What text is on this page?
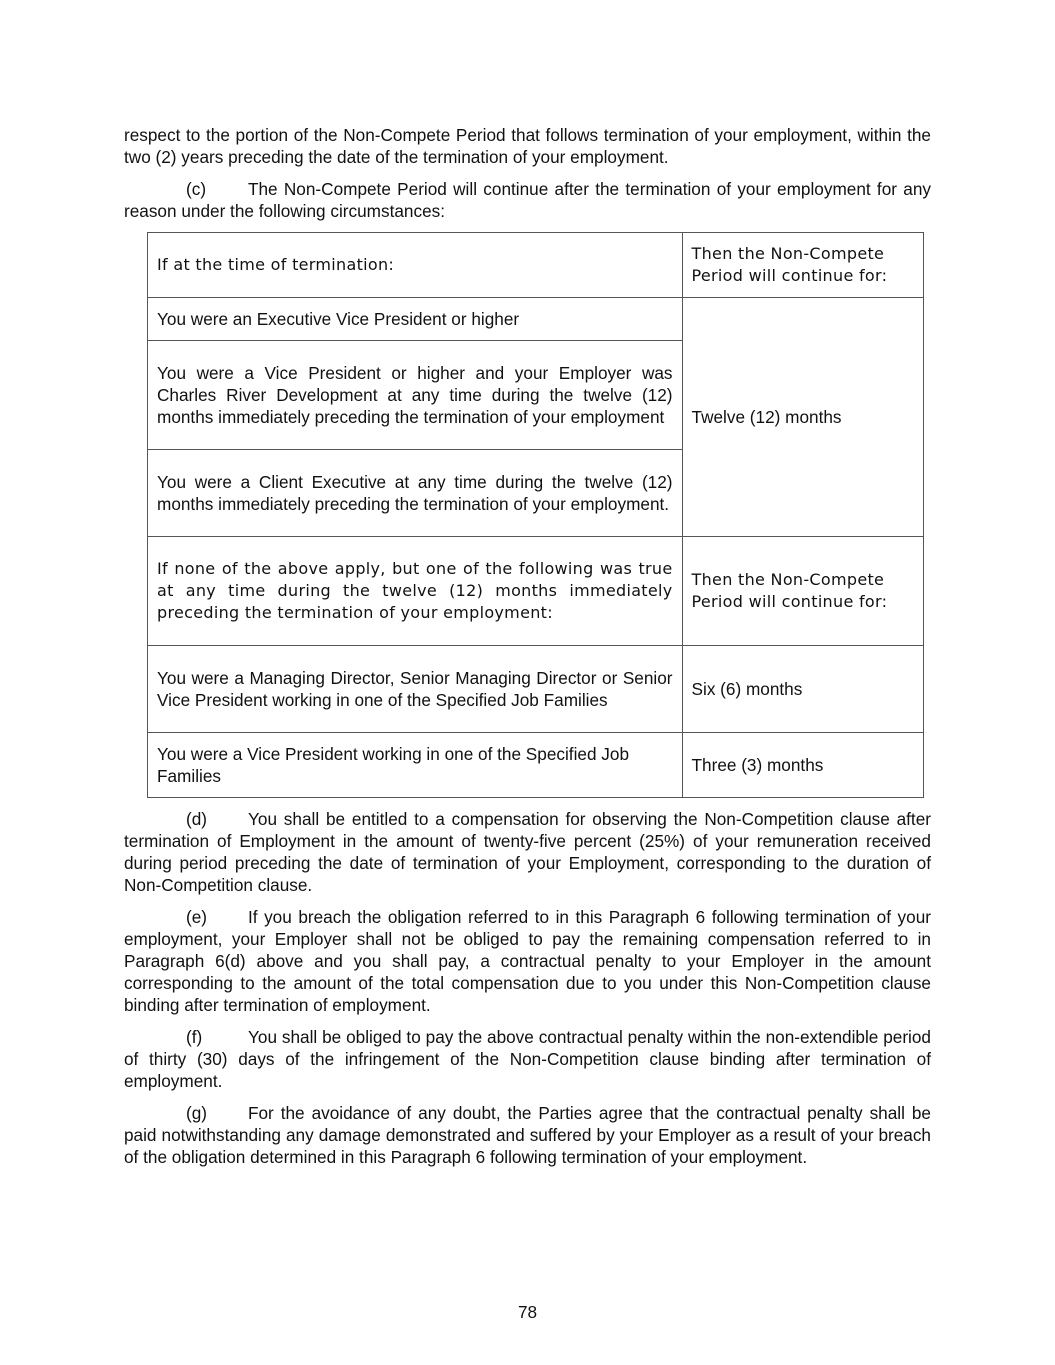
respect to the portion of the Non-Compete Period that follows termination of your employment, within the two (2) years preceding the date of the termination of your employment.

(c) The Non-Compete Period will continue after the termination of your employment for any reason under the following circumstances:

If at the time of termination:	Then the Non-Compete Period will continue for:
You were an Executive Vice President or higher	Twelve (12) months
You were a Vice President or higher and your Employer was Charles River Development at any time during the twelve (12) months immediately preceding the termination of your employment	
You were a Client Executive at any time during the twelve (12) months immediately preceding the termination of your employment.	
If none of the above apply, but one of the following was true at any time during the twelve (12) months immediately preceding the termination of your employment:	Then the Non-Compete Period will continue for:
You were a Managing Director, Senior Managing Director or Senior Vice President working in one of the Specified Job Families	Six (6) months
You were a Vice President working in one of the Specified Job Families	Three (3) months

(d) You shall be entitled to a compensation for observing the Non-Competition clause after termination of Employment in the amount of twenty-five percent (25%) of your remuneration received during period preceding the date of termination of your Employment, corresponding to the duration of Non-Competition clause.

(e) If you breach the obligation referred to in this Paragraph 6 following termination of your employment, your Employer shall not be obliged to pay the remaining compensation referred to in Paragraph 6(d) above and you shall pay, a contractual penalty to your Employer in the amount corresponding to the amount of the total compensation due to you under this Non-Competition clause binding after termination of employment.

(f)	You shall be obliged to pay the above contractual penalty within the non-extendible period of thirty (30) days of the infringement of the Non-Competition clause binding after termination of employment.

(g) For the avoidance of any doubt, the Parties agree that the contractual penalty shall be paid notwithstanding any damage demonstrated and suffered by your Employer as a result of your breach of the obligation determined in this Paragraph 6 following termination of your employment.

78
